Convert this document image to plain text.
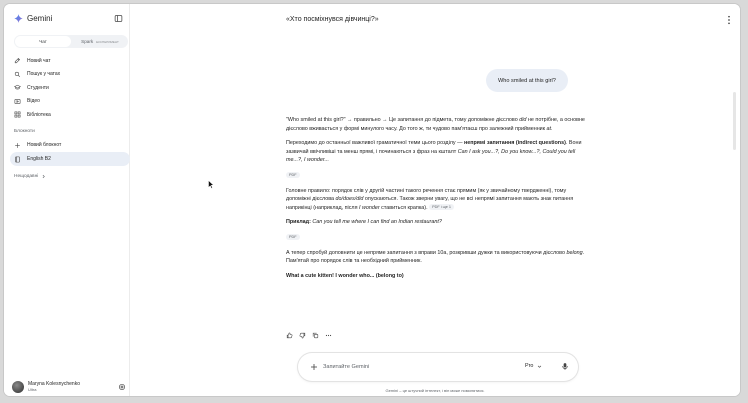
Gemini
Чат	Spark ЕКСПЕРИМЕНТ
Новий чат
Пошук у чатах
Студенти
Відео
Бібліотека
Блокноти
Новий блокнот
English B2
Нещодавні
Maryna Kolesnychenko
Ultra
«Хто посміхнувся дівчинці?»
Who smiled at this girl?

"Who smiled at this girl?" → правильно → Це запитання до підмета, тому допоміжне дієслово did не потрібне, а основне дієслово вживається у формі минулого часу. До того ж, ти чудово пам'ятаєш про залежний прийменник at.

Переходимо до останньої важливої граматичної теми цього розділу — непрямі запитання (indirect questions). Вони зазвичай ввічливіші та менш прямі, і починаються з фраз на кшталт Can I ask you...?, Do you know...?, Could you tell me...?, I wonder...

PDF

Головне правило: порядок слів у другій частині такого речення стає прямим (як у звичайному твердженні), тому допоміжні дієслова do/does/did опускаються. Також зверни увагу, що не всі непрямі запитання мають знак питання наприкінці (наприклад, після I wonder ставиться крапка). PDF і ще 1

Приклад: Can you tell me where I can find an Indian restaurant?

PDF

А тепер спробуй доповнити це непряме запитання з вправи 10а, розкривши дужки та використовуючи дієслово belong. Пам'ятай про порядок слів та необхідний прийменник.

What a cute kitten! I wonder who... (belong to)

Запитайте Gemini
Pro
Gemini – це штучний інтелект, і він може помилятися.
